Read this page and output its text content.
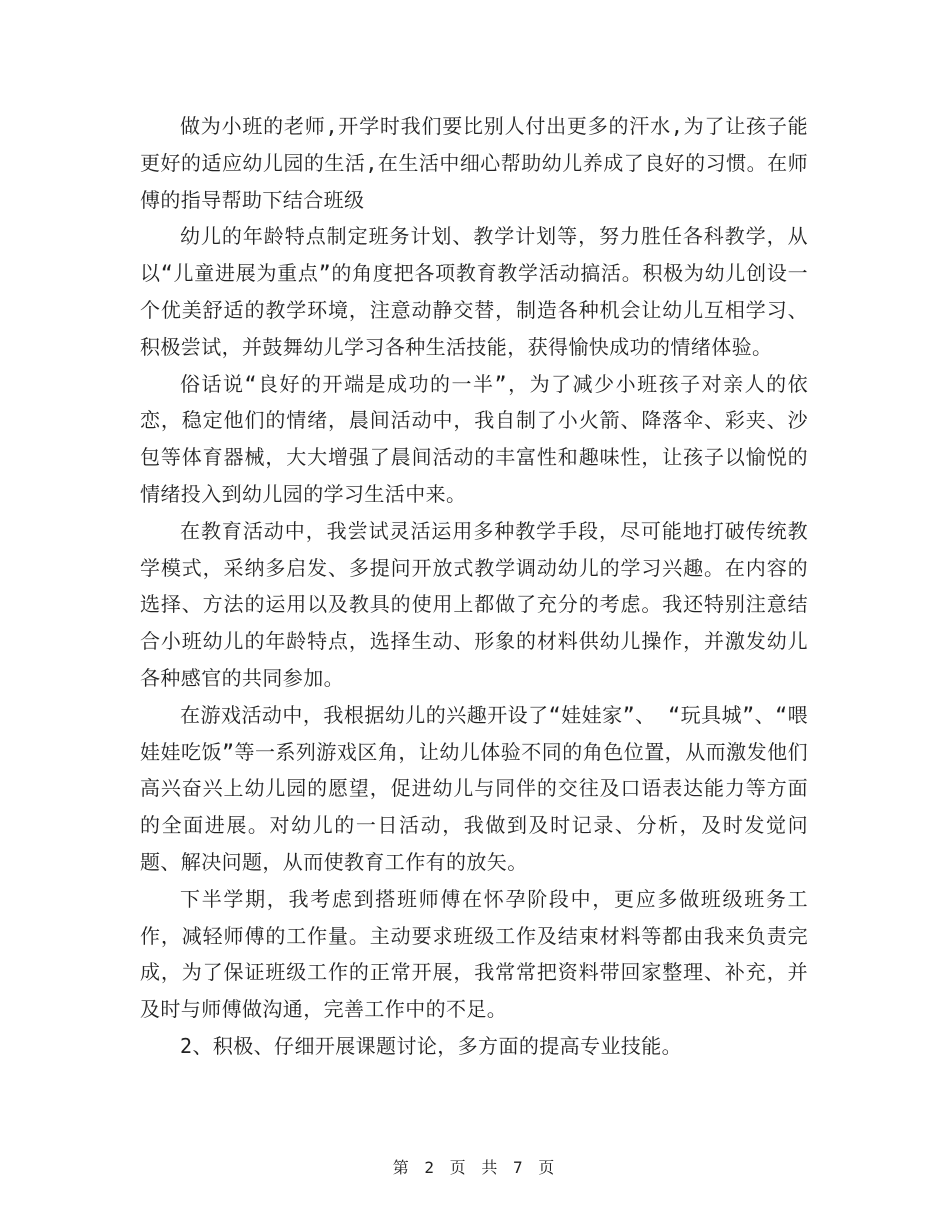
做为小班的老师,开学时我们要比别人付出更多的汗水,为了让孩子能更好的适应幼儿园的生活,在生活中细心帮助幼儿养成了良好的习惯。在师傅的指导帮助下结合班级

幼儿的年龄特点制定班务计划、教学计划等，努力胜任各科教学，从以“儿童进展为重点”的角度把各项教育教学活动搞活。积极为幼儿创设一个优美舒适的教学环境，注意动静交替，制造各种机会让幼儿互相学习、积极尝试，并鼓舞幼儿学习各种生活技能，获得愉快成功的情绪体验。

俗话说“良好的开端是成功的一半”，为了减少小班孩子对亲人的依恋，稳定他们的情绪，晨间活动中，我自制了小火箭、降落伞、彩夹、沙包等体育器械，大大增强了晨间活动的丰富性和趣味性，让孩子以愉悦的情绪投入到幼儿园的学习生活中来。

在教育活动中，我尝试灵活运用多种教学手段，尽可能地打破传统教学模式，采纳多启发、多提问开放式教学调动幼儿的学习兴趣。在内容的选择、方法的运用以及教具的使用上都做了充分的考虑。我还特别注意结合小班幼儿的年龄特点，选择生动、形象的材料供幼儿操作，并激发幼儿各种感官的共同参加。

在游戏活动中，我根据幼儿的兴趣开设了“娃娃家”、 “玩具城”、“喂娃娃吃饭”等一系列游戏区角，让幼儿体验不同的角色位置，从而激发他们高兴奋兴上幼儿园的愿望，促进幼儿与同伴的交往及口语表达能力等方面的全面进展。对幼儿的一日活动，我做到及时记录、分析，及时发觉问题、解决问题，从而使教育工作有的放矢。

下半学期，我考虑到搭班师傅在怀孕阶段中，更应多做班级班务工作，减轻师傅的工作量。主动要求班级工作及结束材料等都由我来负责完成，为了保证班级工作的正常开展，我常常把资料带回家整理、补充，并及时与师傅做沟通，完善工作中的不足。

2、积极、仔细开展课题讨论，多方面的提高专业技能。

第 2 页 共 7 页
